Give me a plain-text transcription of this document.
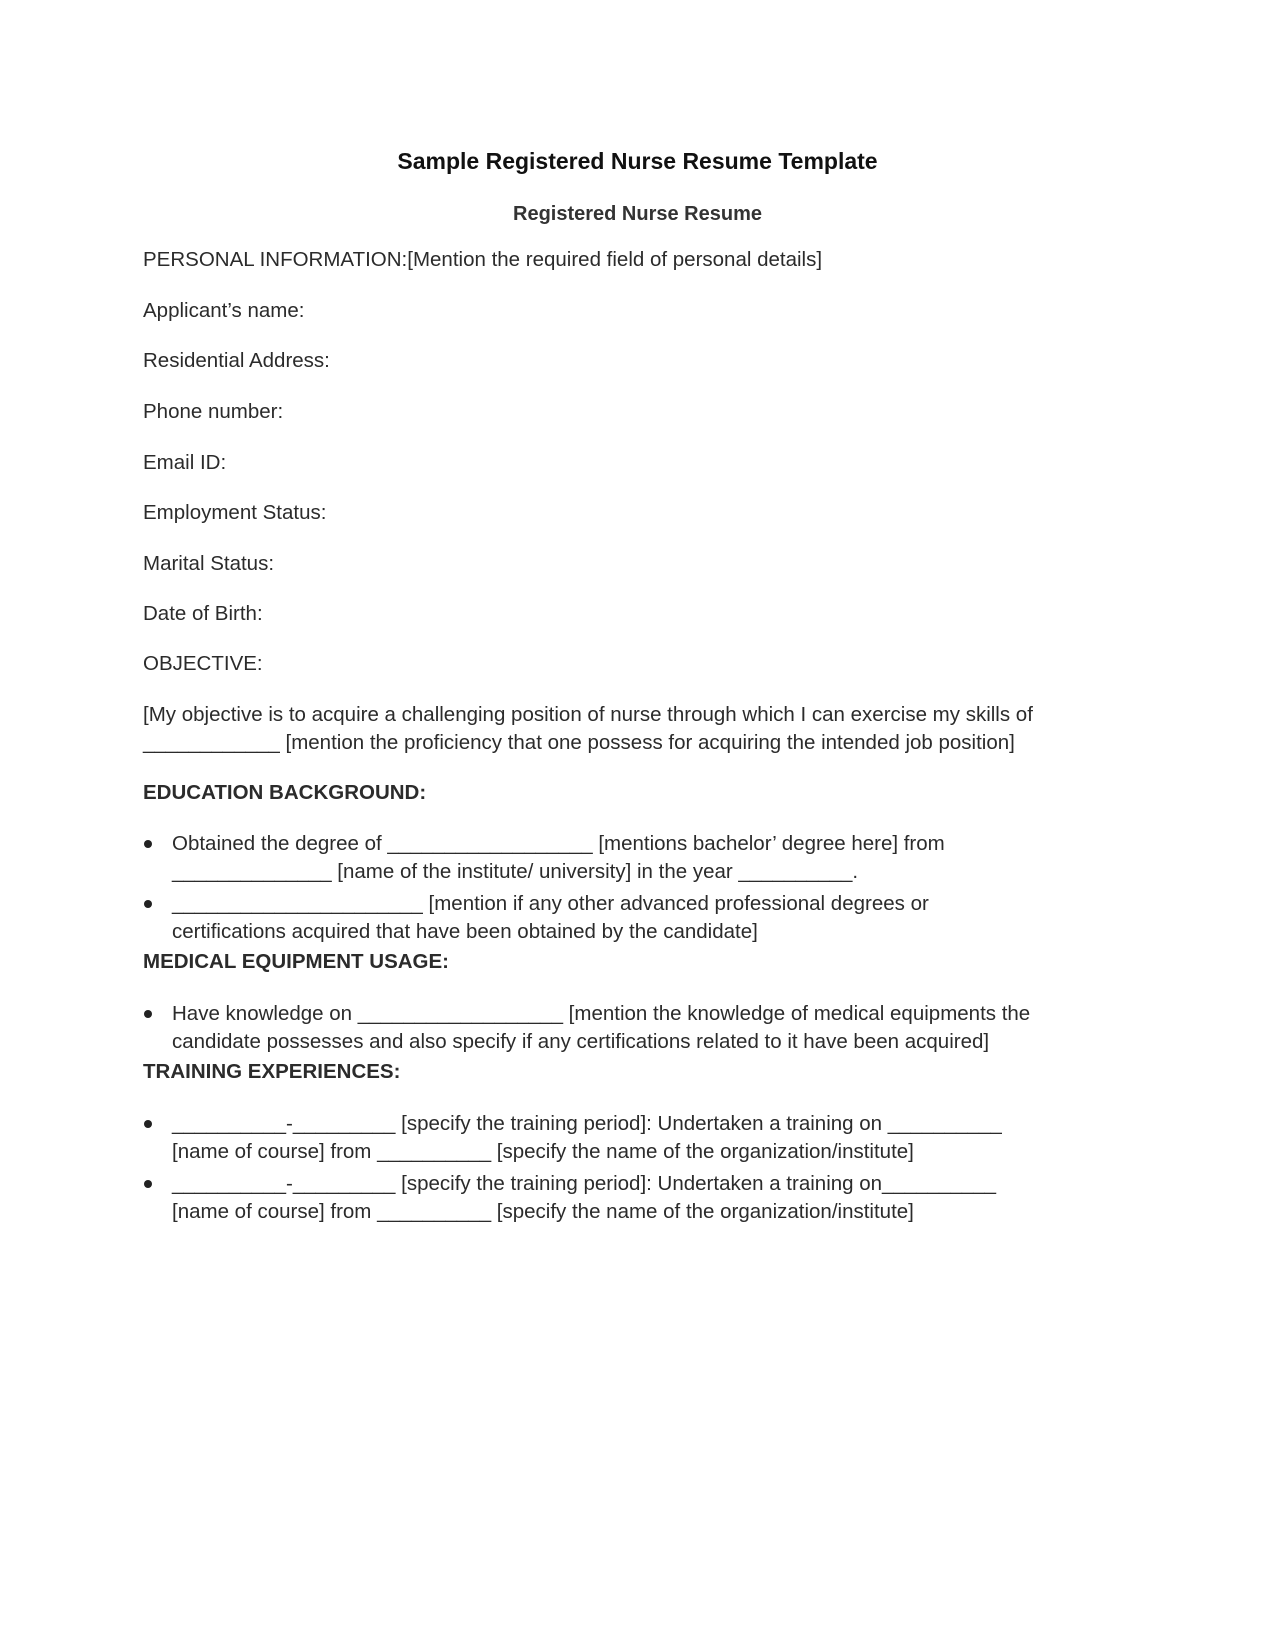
Sample Registered Nurse Resume Template
Registered Nurse Resume
PERSONAL INFORMATION:[Mention the required field of personal details]
Applicant’s name:
Residential Address:
Phone number:
Email ID:
Employment Status:
Marital Status:
Date of Birth:
OBJECTIVE:
[My objective is to acquire a challenging position of nurse through which I can exercise my skills of
____________ [mention the proficiency that one possess for acquiring the intended job position]
EDUCATION BACKGROUND:
Obtained the degree of __________________ [mentions bachelor’ degree here] from
______________ [name of the institute/ university] in the year __________.
______________________ [mention if any other advanced professional degrees or
certifications acquired that have been obtained by the candidate]
MEDICAL EQUIPMENT USAGE:
Have knowledge on __________________ [mention the knowledge of medical equipments the
candidate possesses and also specify if any certifications related to it have been acquired]
TRAINING EXPERIENCES:
__________-_________ [specify the training period]: Undertaken a training on __________
[name of course] from __________ [specify the name of the organization/institute]
__________-_________ [specify the training period]: Undertaken a training on__________
[name of course] from __________ [specify the name of the organization/institute]
